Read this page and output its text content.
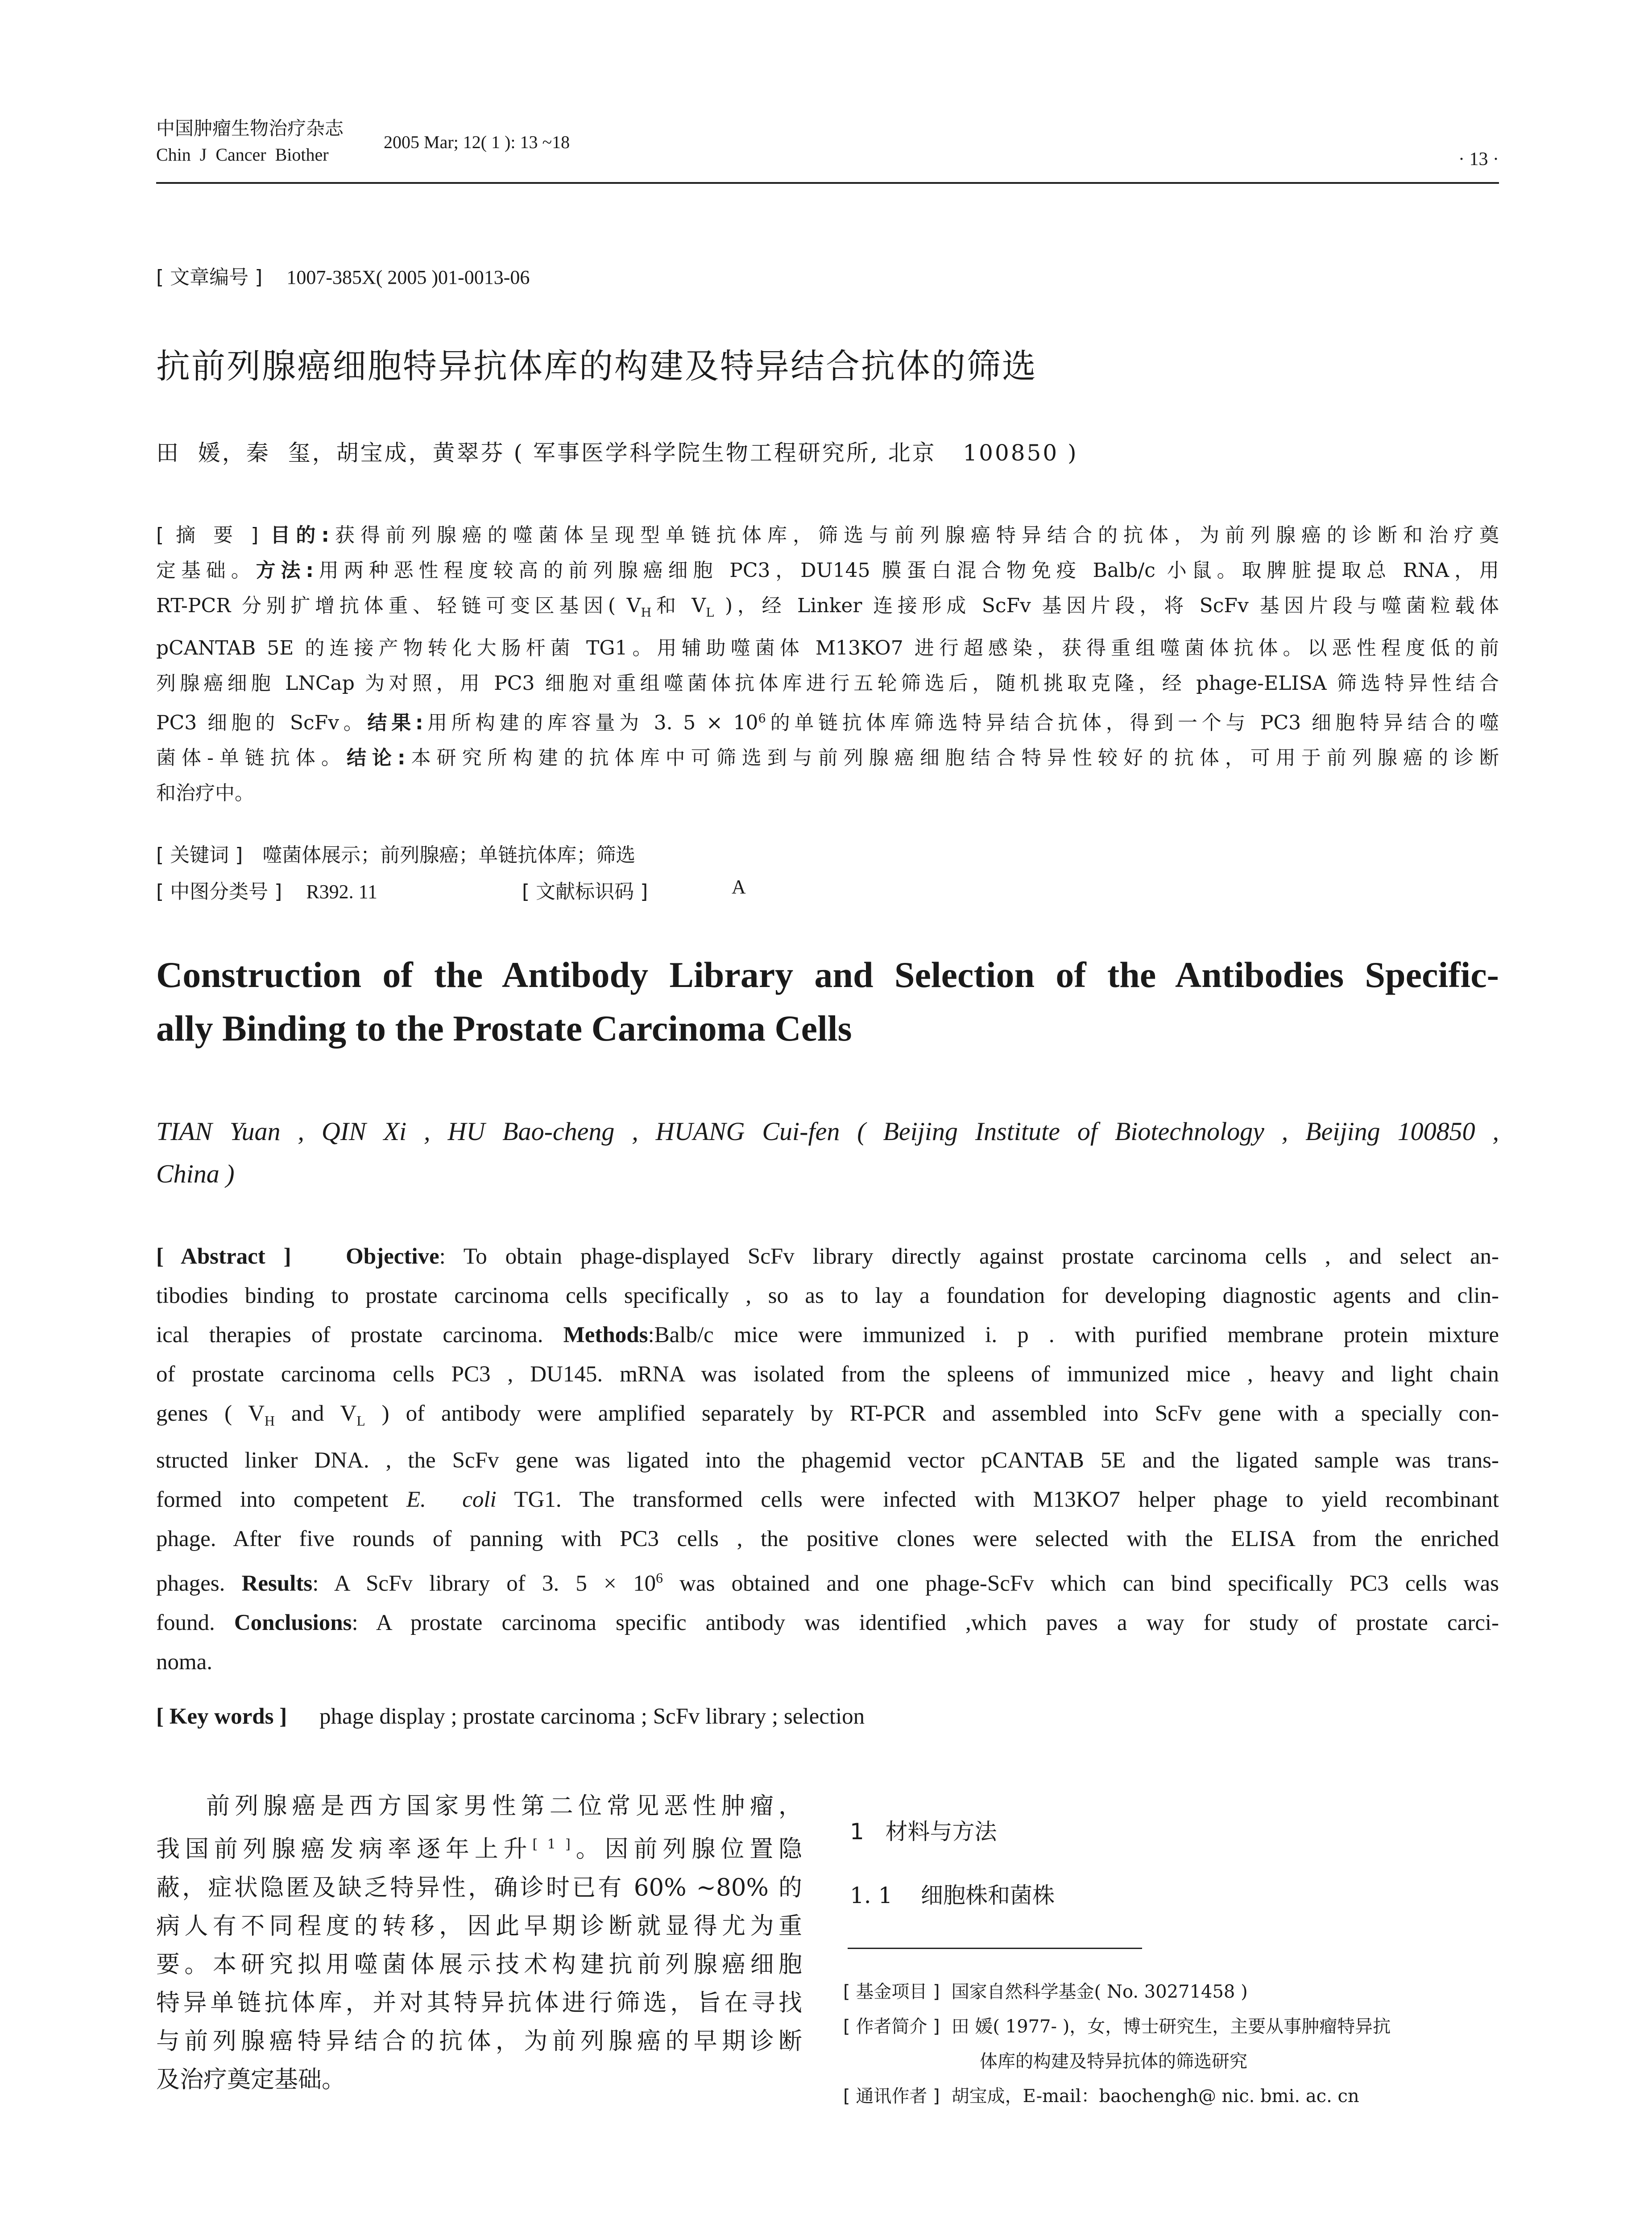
中国肿瘤生物治疗杂志
Chin  J  Cancer  Biother
2005 Mar; 12( 1 ): 13 ~18
· 13 ·
[ 文章编号 ] 1007-385X( 2005 )01-0013-06
抗前列腺癌细胞特异抗体库的构建及特异结合抗体的筛选
田  媛，秦  玺，胡宝成，黄翠芬 ( 军事医学科学院生物工程研究所, 北京   100850 )
[ 摘 要 ] 目的:获得前列腺癌的噬菌体呈现型单链抗体库，筛选与前列腺癌特异结合的抗体，为前列腺癌的诊断和治疗奠
定基础。方法:用两种恶性程度较高的前列腺癌细胞 PC3，DU145 膜蛋白混合物免疫 Balb/c 小鼠。取脾脏提取总 RNA，用
RT-PCR 分别扩增抗体重、轻链可变区基因( $V_H$和 $V_L$ )，经 Linker 连接形成 ScFv 基因片段，将 ScFv 基因片段与噬菌粒载体
pCANTAB 5E 的连接产物转化大肠杆菌 TG1。用辅助噬菌体 M13KO7 进行超感染，获得重组噬菌体抗体。以恶性程度低的前
列腺癌细胞 LNCap 为对照，用 PC3 细胞对重组噬菌体抗体库进行五轮筛选后，随机挑取克隆，经 phage-ELISA 筛选特异性结合
PC3 细胞的 ScFv。结果:用所构建的库容量为 3. $5 \times 10^6$的单链抗体库筛选特异结合抗体，得到一个与 PC3 细胞特异结合的噬
菌体-单链抗体。结论:本研究所构建的抗体库中可筛选到与前列腺癌细胞结合特异性较好的抗体，可用于前列腺癌的诊断
和治疗中。
[ 关键词 ] 噬菌体展示；前列腺癌；单链抗体库；筛选
[ 中图分类号 ] R392. 11	[ 文献标识码 ]	A
Construction of the Antibody Library and Selection of the Antibodies Specific-
ally Binding to the Prostate Carcinoma Cells
TIAN Yuan , QIN Xi , HU Bao-cheng , HUANG Cui-fen ( Beijing Institute of Biotechnology , Beijing 100850 ,
China )
[ Abstract ] Objective: To obtain phage-displayed ScFv library directly against prostate carcinoma cells , and select an-
tibodies binding to prostate carcinoma cells specifically , so as to lay a foundation for developing diagnostic agents and clin-
ical therapies of prostate carcinoma. Methods:Balb/c mice were immunized i. p . with purified membrane protein mixture
of prostate carcinoma cells PC3 , DU145. mRNA was isolated from the spleens of immunized mice , heavy and light chain
genes ( $V_H$ and $V_L$ ) of antibody were amplified separately by RT-PCR and assembled into ScFv gene with a specially con-
structed linker DNA. , the ScFv gene was ligated into the phagemid vector pCANTAB 5E and the ligated sample was trans-
formed into competent E.  coli TG1. The transformed cells were infected with M13KO7 helper phage to yield recombinant
phage. After five rounds of panning with PC3 cells , the positive clones were selected with the ELISA from the enriched
phages. Results: A ScFv library of 3. $5 \times 10^6$ was obtained and one phage-ScFv which can bind specifically PC3 cells was
found. Conclusions: A prostate carcinoma specific antibody was identified ,which paves a way for study of prostate carci-
noma.
[ Key words ] phage display ; prostate carcinoma ; ScFv library ; selection
前列腺癌是西方国家男性第二位常见恶性肿瘤，
我国前列腺癌发病率逐年上升[ 1 ]。因前列腺位置隐
蔽，症状隐匿及缺乏特异性，确诊时已有 60% ~80% 的
病人有不同程度的转移，因此早期诊断就显得尤为重
要。本研究拟用噬菌体展示技术构建抗前列腺癌细胞
特异单链抗体库，并对其特异抗体进行筛选，旨在寻找
与前列腺癌特异结合的抗体，为前列腺癌的早期诊断
及治疗奠定基础。
1   材料与方法
1. 1    细胞株和菌株
[ 基金项目 ] 国家自然科学基金( No. 30271458 )
[ 作者简介 ] 田 媛( 1977- )，女，博士研究生，主要从事肿瘤特异抗
体库的构建及特异抗体的筛选研究
[ 通讯作者 ] 胡宝成，E-mail：baochengh@ nic. bmi. ac. cn
